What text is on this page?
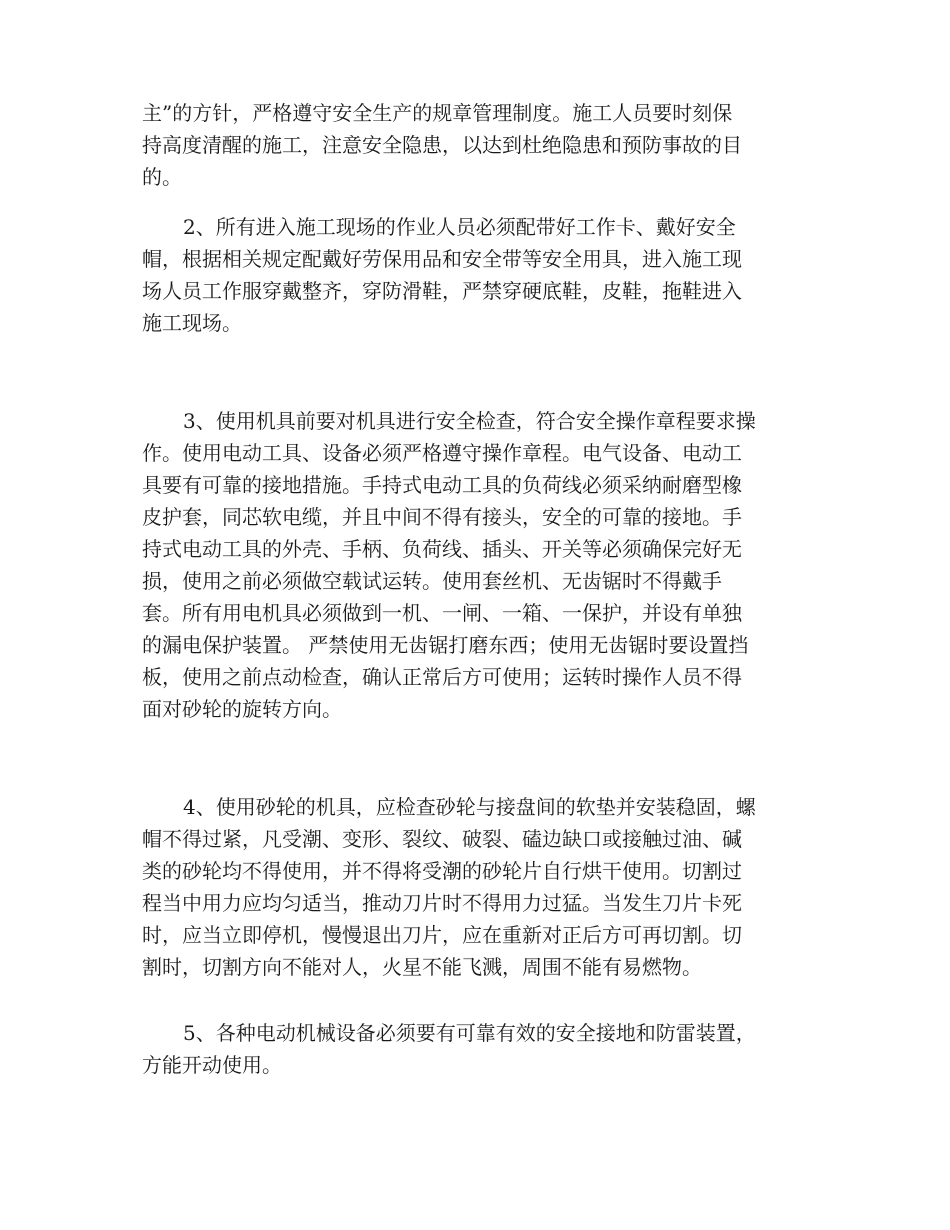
主”的方针，严格遵守安全生产的规章管理制度。施工人员要时刻保
持高度清醒的施工，注意安全隐患，以达到杜绝隐患和预防事故的目
的。
2、所有进入施工现场的作业人员必须配带好工作卡、戴好安全
帽，根据相关规定配戴好劳保用品和安全带等安全用具，进入施工现
场人员工作服穿戴整齐，穿防滑鞋，严禁穿硬底鞋，皮鞋，拖鞋进入
施工现场。
3、使用机具前要对机具进行安全检查，符合安全操作章程要求操
作。使用电动工具、设备必须严格遵守操作章程。电气设备、电动工
具要有可靠的接地措施。手持式电动工具的负荷线必须采纳耐磨型橡
皮护套，同芯软电缆，并且中间不得有接头，安全的可靠的接地。手
持式电动工具的外壳、手柄、负荷线、插头、开关等必须确保完好无
损，使用之前必须做空载试运转。使用套丝机、无齿锯时不得戴手
套。所有用电机具必须做到一机、一闸、一箱、一保护，并设有单独
的漏电保护装置。 严禁使用无齿锯打磨东西；使用无齿锯时要设置挡
板，使用之前点动检查，确认正常后方可使用；运转时操作人员不得
面对砂轮的旋转方向。
4、使用砂轮的机具，应检查砂轮与接盘间的软垫并安装稳固，螺
帽不得过紧，凡受潮、变形、裂纹、破裂、磕边缺口或接触过油、碱
类的砂轮均不得使用，并不得将受潮的砂轮片自行烘干使用。切割过
程当中用力应均匀适当，推动刀片时不得用力过猛。当发生刀片卡死
时，应当立即停机，慢慢退出刀片，应在重新对正后方可再切割。切
割时，切割方向不能对人，火星不能飞溅，周围不能有易燃物。
5、各种电动机械设备必须要有可靠有效的安全接地和防雷装置，
方能开动使用。
